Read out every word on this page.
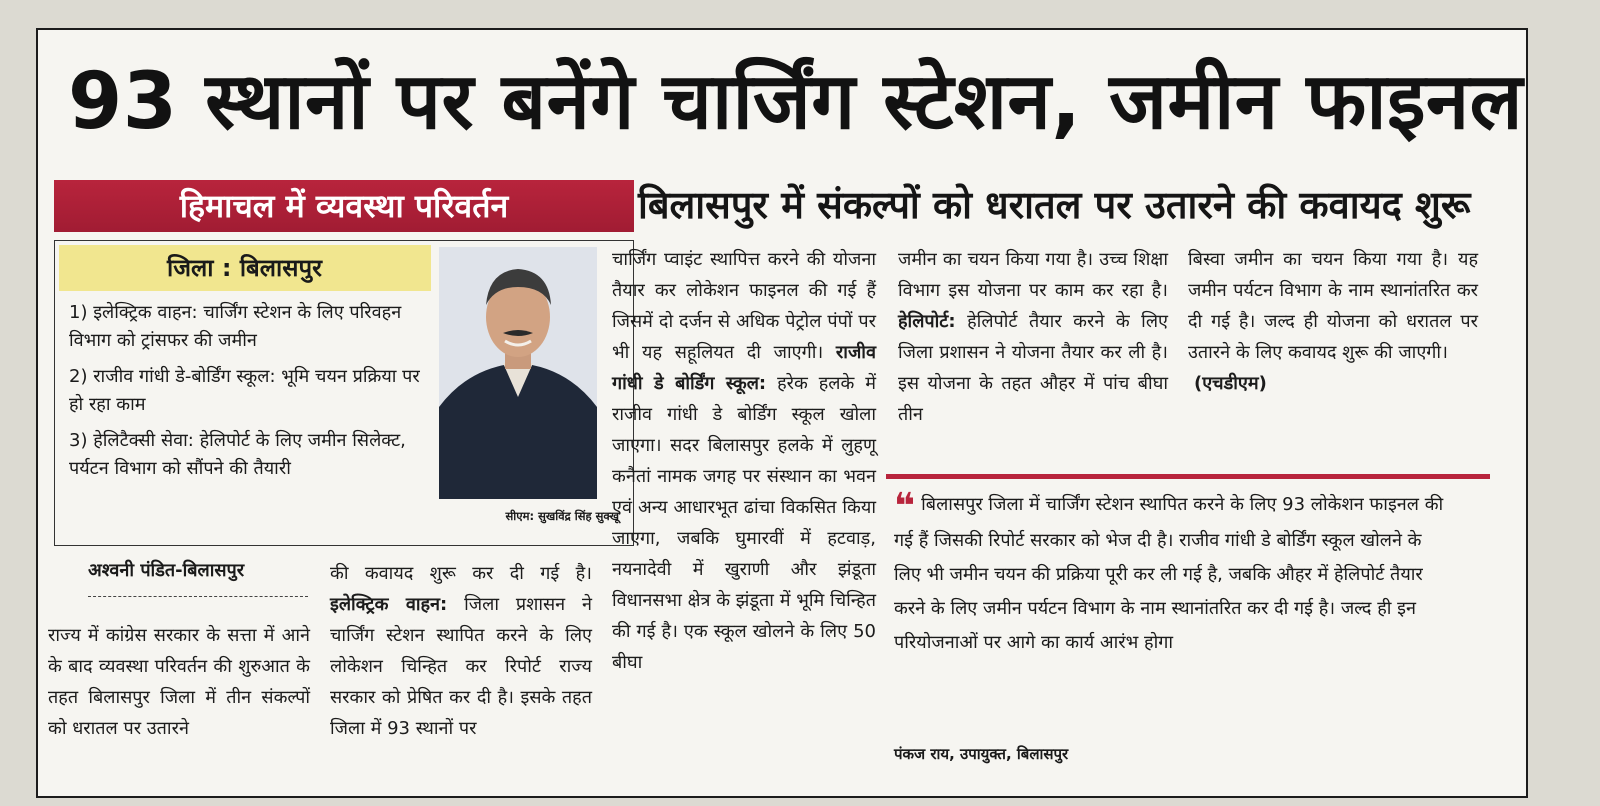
93 स्थानों पर बनेंगे चार्जिंग स्टेशन, जमीन फाइनल
हिमाचल में व्यवस्था परिवर्तन	बिलासपुर में संकल्पों को धरातल पर उतारने की कवायद शुरू
जिला : बिलासपुर
1) इलेक्ट्रिक वाहन: चार्जिंग स्टेशन के लिए परिवहन विभाग को ट्रांसफर की जमीन
2) राजीव गांधी डे-बोर्डिंग स्कूल: भूमि चयन प्रक्रिया पर हो रहा काम
3) हेलिटैक्सी सेवा: हेलिपोर्ट के लिए जमीन सिलेक्ट, पर्यटन विभाग को सौंपने की तैयारी
सीएम: सुखविंद्र सिंह सुक्खू
अश्वनी पंडित-बिलासपुर
राज्य में कांग्रेस सरकार के सत्ता में आने के बाद व्यवस्था परिवर्तन की शुरुआत के तहत बिलासपुर जिला में तीन संकल्पों को धरातल पर उतारने
की कवायद शुरू कर दी गई है। इलेक्ट्रिक वाहन: जिला प्रशासन ने चार्जिंग स्टेशन स्थापित करने के लिए लोकेशन चिन्हित कर रिपोर्ट राज्य सरकार को प्रेषित कर दी है। इसके तहत जिला में 93 स्थानों पर
चार्जिंग प्वाइंट स्थापित्त करने की योजना तैयार कर लोकेशन फाइनल की गई हैं जिसमें दो दर्जन से अधिक पेट्रोल पंपों पर भी यह सहूलियत दी जाएगी। राजीव गांधी डे बोर्डिंग स्कूल: हरेक हलके में राजीव गांधी डे बोर्डिंग स्कूल खोला जाएगा। सदर बिलासपुर हलके में लुहणू कनैतां नामक जगह पर संस्थान का भवन एवं अन्य आधारभूत ढांचा विकसित किया जाएगा, जबकि घुमारवीं में हटवाड़, नयनादेवी में खुराणी और झंडूता विधानसभा क्षेत्र के झंडूता में भूमि चिन्हित की गई है। एक स्कूल खोलने के लिए 50 बीघा
जमीन का चयन किया गया है। उच्च शिक्षा विभाग इस योजना पर काम कर रहा है। हेलिपोर्ट: हेलिपोर्ट तैयार करने के लिए जिला प्रशासन ने योजना तैयार कर ली है। इस योजना के तहत औहर में पांच बीघा तीन
बिस्वा जमीन का चयन किया गया है। यह जमीन पर्यटन विभाग के नाम स्थानांतरित कर दी गई है। जल्द ही योजना को धरातल पर उतारने के लिए कवायद शुरू की जाएगी।
(एचडीएम)
❝ बिलासपुर जिला में चार्जिंग स्टेशन स्थापित करने के लिए 93 लोकेशन फाइनल की गई हैं जिसकी रिपोर्ट सरकार को भेज दी है। राजीव गांधी डे बोर्डिंग स्कूल खोलने के लिए भी जमीन चयन की प्रक्रिया पूरी कर ली गई है, जबकि औहर में हेलिपोर्ट तैयार करने के लिए जमीन पर्यटन विभाग के नाम स्थानांतरित कर दी गई है। जल्द ही इन परियोजनाओं पर आगे का कार्य आरंभ होगा
पंकज राय, उपायुक्त, बिलासपुर
